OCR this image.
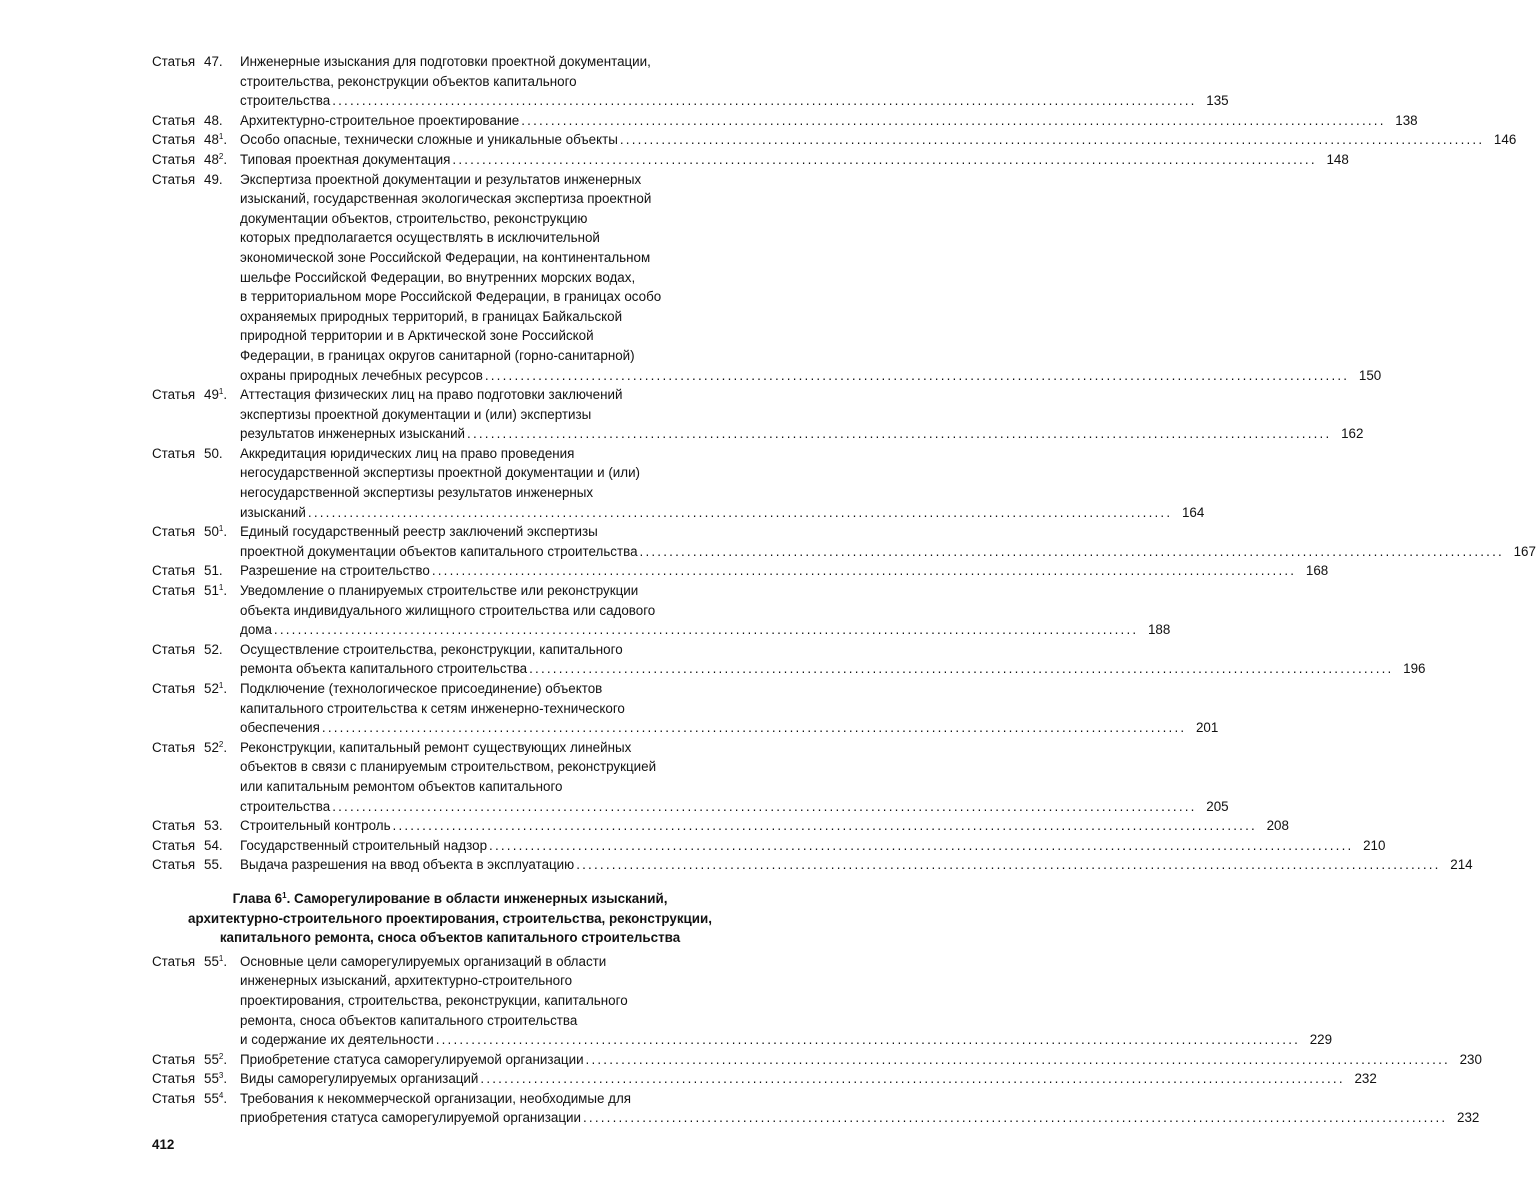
Статья 47.	Инженерные изыскания для подготовки проектной документации,
строительства, реконструкции объектов капитального
строительства .................................................................................................................................................. 135
Статья 48.	Архитектурно-строительное проектирование .................................................................................................................................................. 138
Статья $48^1$. Особо опасные, технически сложные и уникальные объекты .................................................................................................................................................. 146
Статья $48^2$. Типовая проектная документация .................................................................................................................................................. 148
Статья 49.	Экспертиза проектной документации и результатов инженерных
изысканий, государственная экологическая экспертиза проектной
документации объектов, строительство, реконструкцию
которых предполагается осуществлять в исключительной
экономической зоне Российской Федерации, на континентальном
шельфе Российской Федерации, во внутренних морских водах,
в территориальном море Российской Федерации, в границах особо
охраняемых природных территорий, в границах Байкальской
природной территории и в Арктической зоне Российской
Федерации, в границах округов санитарной (горно-санитарной)
охраны природных лечебных ресурсов .................................................................................................................................................. 150
Статья $49^1$. Аттестация физических лиц на право подготовки заключений
экспертизы проектной документации и (или) экспертизы
результатов инженерных изысканий .................................................................................................................................................. 162
Статья 50.	Аккредитация юридических лиц на право проведения
негосударственной экспертизы проектной документации и (или)
негосударственной экспертизы результатов инженерных
изысканий .................................................................................................................................................. 164
Статья $50^1$. Единый государственный реестр заключений экспертизы
проектной документации объектов капитального строительства .................................................................................................................................................. 167
Статья 51.	Разрешение на строительство .................................................................................................................................................. 168
Статья $51^1$. Уведомление о планируемых строительстве или реконструкции
объекта индивидуального жилищного строительства или садового
дома .................................................................................................................................................. 188
Статья 52.	Осуществление строительства, реконструкции, капитального
ремонта объекта капитального строительства .................................................................................................................................................. 196
Статья $52^1$. Подключение (технологическое присоединение) объектов
капитального строительства к сетям инженерно-технического
обеспечения .................................................................................................................................................. 201
Статья $52^2$. Реконструкции, капитальный ремонт существующих линейных
объектов в связи с планируемым строительством, реконструкцией
или капитальным ремонтом объектов капитального
строительства .................................................................................................................................................. 205
Статья 53.	Строительный контроль .................................................................................................................................................. 208
Статья 54.	Государственный строительный надзор .................................................................................................................................................. 210
Статья 55.	Выдача разрешения на ввод объекта в эксплуатацию .................................................................................................................................................. 214
Глава $6^1$. Саморегулирование в области инженерных изысканий,
архитектурно-строительного проектирования, строительства, реконструкции,
капитального ремонта, сноса объектов капитального строительства
Статья $55^1$. Основные цели саморегулируемых организаций в области
инженерных изысканий, архитектурно-строительного
проектирования, строительства, реконструкции, капитального
ремонта, сноса объектов капитального строительства
и содержание их деятельности .................................................................................................................................................. 229
Статья $55^2$. Приобретение статуса саморегулируемой организации .................................................................................................................................................. 230
Статья $55^3$. Виды саморегулируемых организаций .................................................................................................................................................. 232
Статья $55^4$. Требования к некоммерческой организации, необходимые для
приобретения статуса саморегулируемой организации .................................................................................................................................................. 232
412
